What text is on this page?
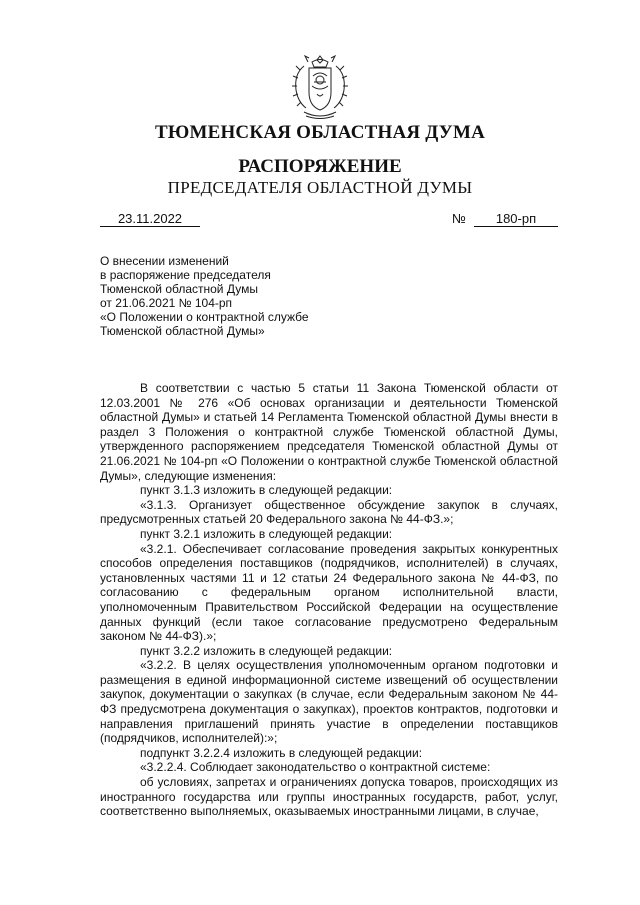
ТЮМЕНСКАЯ ОБЛАСТНАЯ ДУМА
РАСПОРЯЖЕНИЕ
ПРЕДСЕДАТЕЛЯ ОБЛАСТНОЙ ДУМЫ
23.11.2022	№	180-рп
О внесении изменений
в распоряжение председателя
Тюменской областной Думы
от 21.06.2021 № 104-рп
«О Положении о контрактной службе
Тюменской областной Думы»

В соответствии с частью 5 статьи 11 Закона Тюменской области от 12.03.2001 № 276 «Об основах организации и деятельности Тюменской областной Думы» и статьей 14 Регламента Тюменской областной Думы внести в раздел 3 Положения о контрактной службе Тюменской областной Думы, утвержденного распоряжением председателя Тюменской областной Думы от 21.06.2021 № 104-рп «О Положении о контрактной службе Тюменской областной Думы», следующие изменения:

пункт 3.1.3 изложить в следующей редакции:

«3.1.3. Организует общественное обсуждение закупок в случаях, предусмотренных статьей 20 Федерального закона № 44-ФЗ.»;

пункт 3.2.1 изложить в следующей редакции:

«3.2.1. Обеспечивает согласование проведения закрытых конкурентных способов определения поставщиков (подрядчиков, исполнителей) в случаях, установленных частями 11 и 12 статьи 24 Федерального закона № 44-ФЗ, по согласованию с федеральным органом исполнительной власти, уполномоченным Правительством Российской Федерации на осуществление данных функций (если такое согласование предусмотрено Федеральным законом № 44-ФЗ).»;

пункт 3.2.2 изложить в следующей редакции:

«3.2.2. В целях осуществления уполномоченным органом подготовки и размещения в единой информационной системе извещений об осуществлении закупок, документации о закупках (в случае, если Федеральным законом № 44-ФЗ предусмотрена документация о закупках), проектов контрактов, подготовки и направления приглашений принять участие в определении поставщиков (подрядчиков, исполнителей):»;

подпункт 3.2.2.4 изложить в следующей редакции:

«3.2.2.4. Соблюдает законодательство о контрактной системе:

об условиях, запретах и ограничениях допуска товаров, происходящих из иностранного государства или группы иностранных государств, работ, услуг, соответственно выполняемых, оказываемых иностранными лицами, в случае,
